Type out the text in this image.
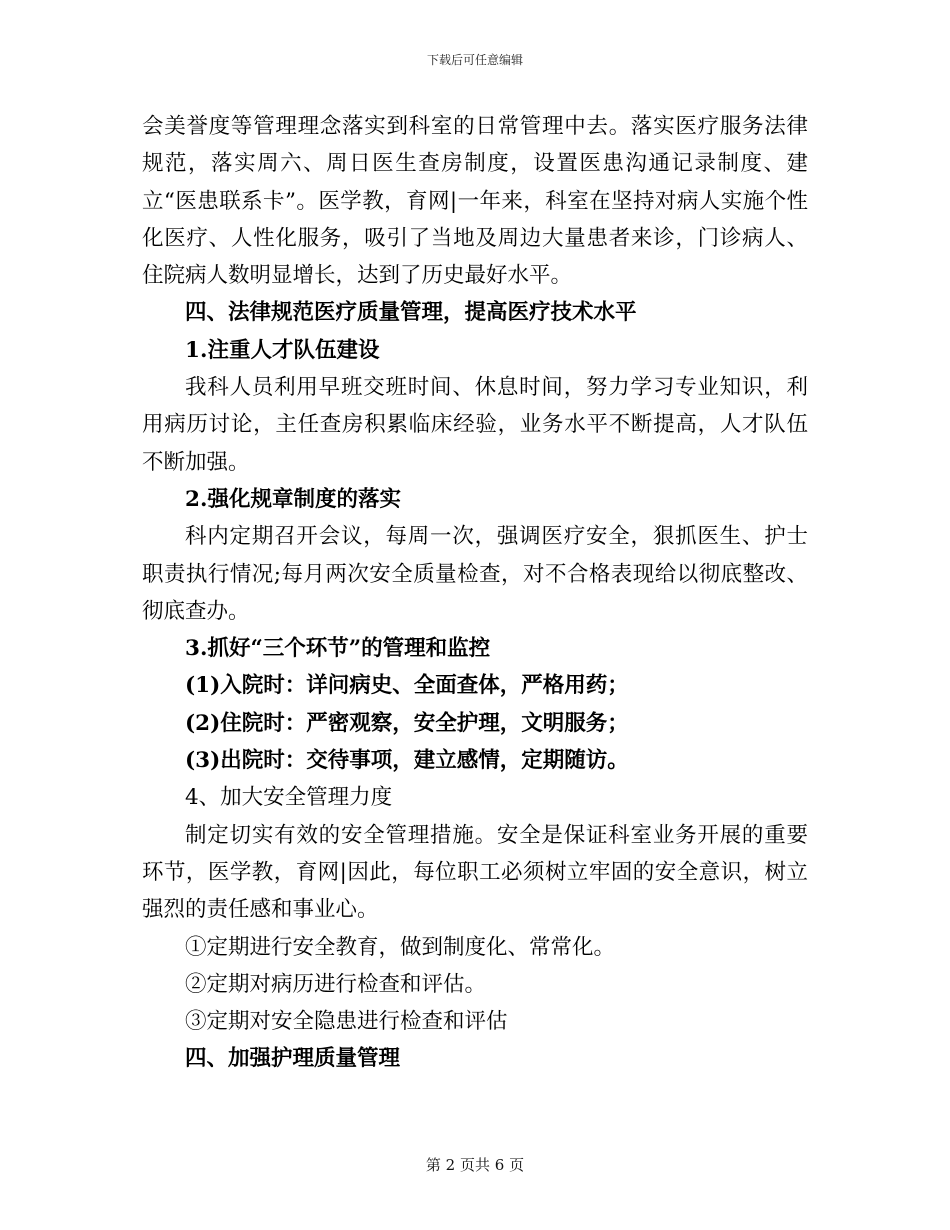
下载后可任意编辑

会美誉度等管理理念落实到科室的日常管理中去。落实医疗服务法律规范，落实周六、周日医生查房制度，设置医患沟通记录制度、建立“医患联系卡”。医学教，育网|一年来，科室在坚持对病人实施个性化医疗、人性化服务，吸引了当地及周边大量患者来诊，门诊病人、住院病人数明显增长，达到了历史最好水平。

四、法律规范医疗质量管理，提高医疗技术水平

1.注重人才队伍建设

我科人员利用早班交班时间、休息时间，努力学习专业知识，利用病历讨论，主任查房积累临床经验，业务水平不断提高，人才队伍不断加强。

2.强化规章制度的落实

科内定期召开会议，每周一次，强调医疗安全，狠抓医生、护士职责执行情况;每月两次安全质量检查，对不合格表现给以彻底整改、彻底查办。

3.抓好“三个环节”的管理和监控

(1)入院时：详问病史、全面查体，严格用药；

(2)住院时：严密观察，安全护理，文明服务；

(3)出院时：交待事项，建立感情，定期随访。

4、加大安全管理力度

制定切实有效的安全管理措施。安全是保证科室业务开展的重要环节，医学教，育网|因此，每位职工必须树立牢固的安全意识，树立强烈的责任感和事业心。

①定期进行安全教育，做到制度化、常常化。

②定期对病历进行检查和评估。

③定期对安全隐患进行检查和评估

四、加强护理质量管理

第 2 页共 6 页
